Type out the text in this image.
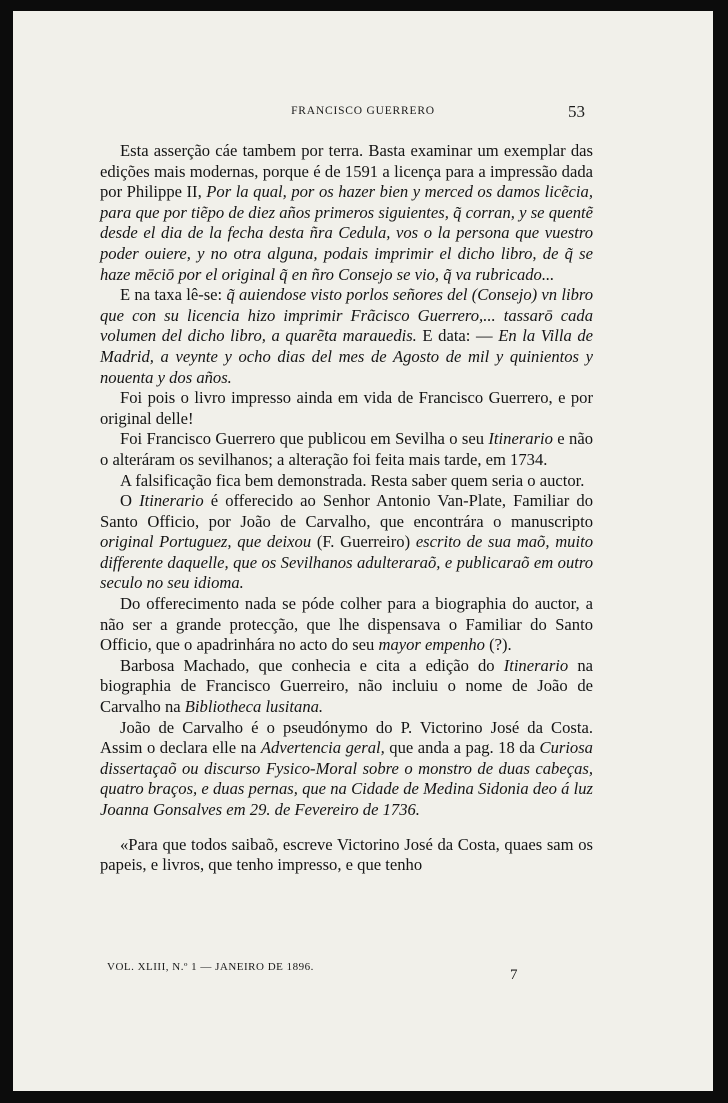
FRANCISCO GUERRERO	53

Esta asserção cáe tambem por terra. Basta examinar um exemplar das edições mais modernas, porque é de 1591 a licença para a impressão dada por Philippe II, Por la qual, por os hazer bien y merced os damos licẽcia, para que por tiẽpo de diez años primeros siguientes, q̃ corran, y se quentẽ desde el dia de la fecha desta ñra Cedula, vos o la persona que vuestro poder ouiere, y no otra alguna, podais imprimir el dicho libro, de q̃ se haze mēciō por el original q̃ en ñro Consejo se vio, q̃ va rubricado...

E na taxa lê-se: q̃ auiendose visto porlos señores del (Consejo) vn libro que con su licencia hizo imprimir Frãcisco Guerrero,... tassarō cada volumen del dicho libro, a quarẽta marauedis. E data: — En la Villa de Madrid, a veynte y ocho dias del mes de Agosto de mil y quinientos y nouenta y dos años.

Foi pois o livro impresso ainda em vida de Francisco Guerrero, e por original delle!

Foi Francisco Guerrero que publicou em Sevilha o seu Itinerario e não o alteráram os sevilhanos; a alteração foi feita mais tarde, em 1734.

A falsificação fica bem demonstrada. Resta saber quem seria o auctor.

O Itinerario é offerecido ao Senhor Antonio Van-Plate, Familiar do Santo Officio, por João de Carvalho, que encontrára o manuscripto original Portuguez, que deixou (F. Guerreiro) escrito de sua maõ, muito differente daquelle, que os Sevilhanos adulteraraõ, e publicaraõ em outro seculo no seu idioma.

Do offerecimento nada se póde colher para a biographia do auctor, a não ser a grande protecção, que lhe dispensava o Familiar do Santo Officio, que o apadrinhára no acto do seu mayor empenho (?).

Barbosa Machado, que conhecia e cita a edição do Itinerario na biographia de Francisco Guerreiro, não incluiu o nome de João de Carvalho na Bibliotheca lusitana.

João de Carvalho é o pseudónymo do P. Victorino José da Costa. Assim o declara elle na Advertencia geral, que anda a pag. 18 da Curiosa dissertaçaõ ou discurso Fysico-Moral sobre o monstro de duas cabeças, quatro braços, e duas pernas, que na Cidade de Medina Sidonia deo á luz Joanna Gonsalves em 29. de Fevereiro de 1736.

«Para que todos saibaõ, escreve Victorino José da Costa, quaes sam os papeis, e livros, que tenho impresso, e que tenho

VOL. XLIII, N.º 1 — JANEIRO DE 1896.	7
